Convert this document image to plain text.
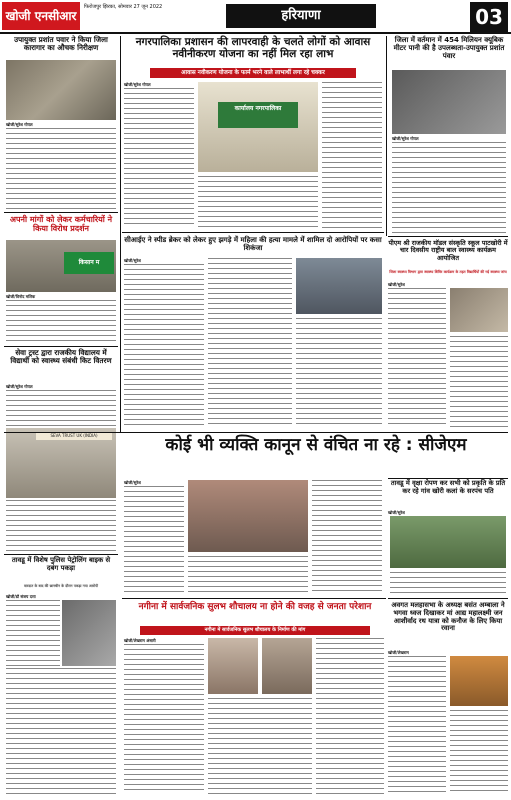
खोजी एनसीआर
फिरोजपुर झिरका, सोमवार 27 जून 2022
हरियाणा	03
उपायुक्त प्रशांत पवार ने किया जिला कारागार का औचक निरीक्षण
खोजी/सुरेश गोयल
अपनी मांगों को लेकर कर्मचारियों ने किया विरोध प्रदर्शन
किसान म
खोजी/विनोद मलिक
सेवा ट्रस्ट द्वारा राजकीय विद्यालय में विद्यार्थी को स्वास्थ्य संबंधी किट वितरण
खोजी/सुरेश गोयल
SEVA TRUST UK (INDIA)
तावडू में विशेष पुलिस पेट्रोलिंग बाइक से दबंग पकड़ा
वारदात के बाद की छानबीन के दौरान पकड़ा गया आरोपी
खोजी/डॉ संजय दत्ता
नगरपालिका प्रशासन की लापरवाही के चलते लोगों को आवास नवीनीकरण योजना का नहीं मिल रहा लाभ
आवास नवीकरण योजना के फार्म भरने वाले लाभार्थी लगा रहे चक्कर
खोजी/सुरेश गोयल
कार्यालय नगरपालिका
जिला में वर्तमान में 454 मिलियन क्यूबिक मीटर पानी की है उपलब्धता-उपायुक्त प्रशांत पंवार
खोजी/सुरेश गोयल
सीआईए ने स्पीड ब्रेकर को लेकर हुए झगड़े में महिला की हत्या मामले में शामिल दो आरोपियों पर कसा शिकंजा
खोजी/सुरेश
पीएम श्री राजकीय मॉडल संस्कृति स्कूल पाटखोरी में चार दिवसीय राष्ट्रीय बाल स्वास्थ्य कार्यक्रम आयोजित
जिला स्वास्थ्य विभाग द्वारा स्वास्थ्य शिविर कार्यक्रम के तहत विद्यार्थियों की गई स्वास्थ्य जांच
खोजी/सुरेश
कोई भी व्यक्ति कानून से वंचित ना रहे : सीजेएम
खोजी/सुरेश	तावडू में वृक्षा रोपण कर सभी को प्रकृति के प्रति कर रहे गांव खोरी कलां के सरपंच पति
खोजी/सुरेश
नगीना में सार्वजनिक सुलभ शौचालय ना होने की वजह से जनता परेशान
नगीना में सार्वजनिक सुलभ शौचालय के निर्माण की मांग
खोजी/लेखराम अंसारी
अवगत मलहासभा के अध्यक्ष बसंत अम्बाला ने भगवा ध्वज दिखाकर मां आद्य महालक्ष्मी जन आशीर्वाद रथ यात्रा को कनौज के लिए किया रवाना
खोजी/लेखराम
